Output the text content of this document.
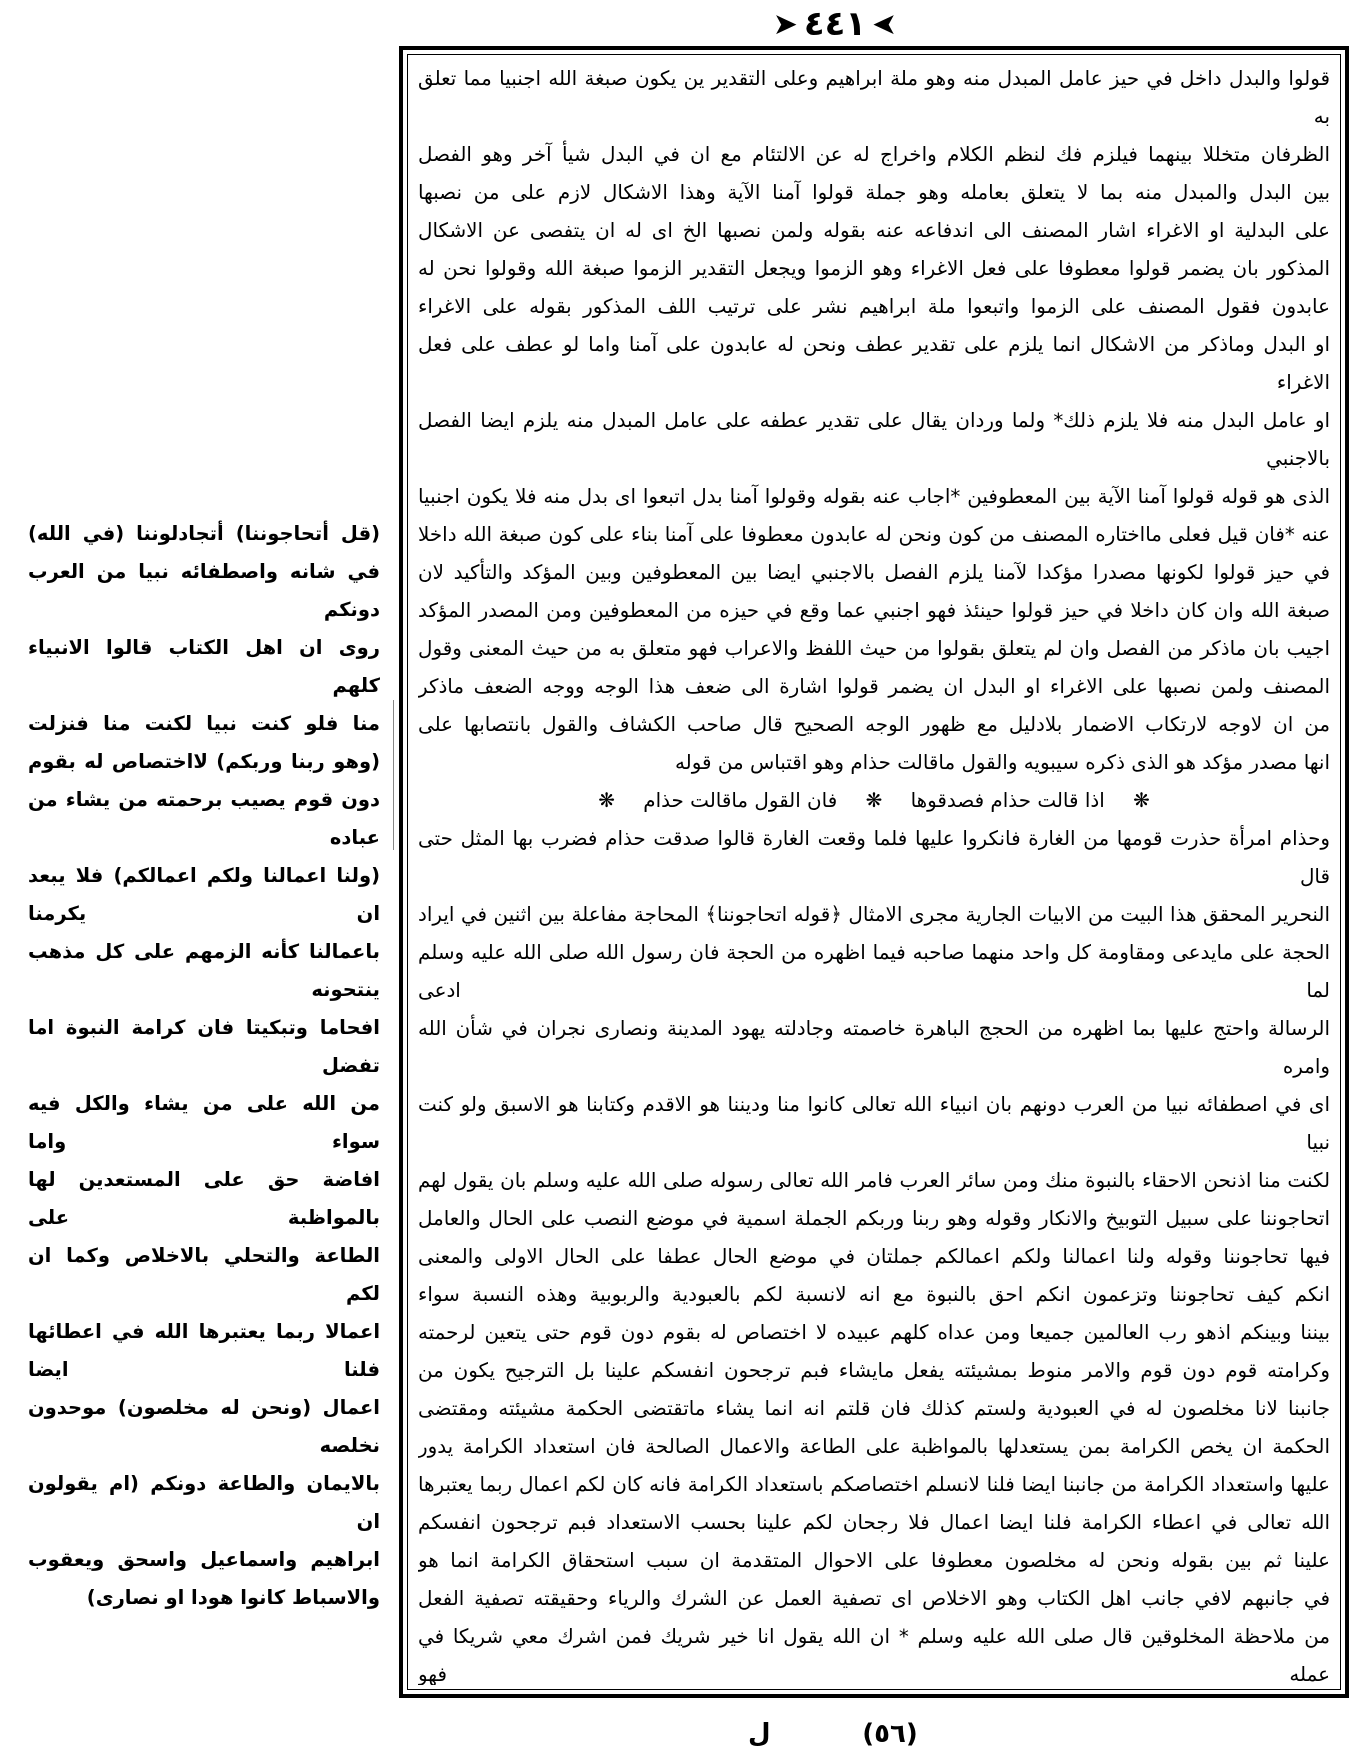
➤
٤٤١
➤

قولوا والبدل داخل في حيز عامل المبدل منه وهو ملة ابراهيم وعلى التقدير ين يكون صبغة الله اجنبيا مما تعلق به

الظرفان متخللا بينهما فيلزم فك لنظم الكلام واخراج له عن الالتئام مع ان في البدل شيأ آخر وهو الفصل

بين البدل والمبدل منه بما لا يتعلق بعامله وهو جملة قولوا آمنا الآية وهذا الاشكال لازم على من نصبها

على البدلية او الاغراء اشار المصنف الى اندفاعه عنه بقوله ولمن نصبها الخ اى له ان يتفصى عن الاشكال

المذكور بان يضمر قولوا معطوفا على فعل الاغراء وهو الزموا ويجعل التقدير الزموا صبغة الله وقولوا نحن له

عابدون فقول المصنف على الزموا واتبعوا ملة ابراهيم نشر على ترتيب اللف المذكور بقوله على الاغراء

او البدل وماذكر من الاشكال انما يلزم على تقدير عطف ونحن له عابدون على آمنا واما لو عطف على فعل الاغراء

او عامل البدل منه فلا يلزم ذلك* ولما وردان يقال على تقدير عطفه على عامل المبدل منه يلزم ايضا الفصل بالاجنبي

الذى هو قوله قولوا آمنا الآية بين المعطوفين *اجاب عنه بقوله وقولوا آمنا بدل اتبعوا اى بدل منه فلا يكون اجنبيا

عنه *فان قيل فعلى مااختاره المصنف من كون ونحن له عابدون معطوفا على آمنا بناء على كون صبغة الله داخلا

في حيز قولوا لكونها مصدرا مؤكدا لآمنا يلزم الفصل بالاجنبي ايضا بين المعطوفين وبين المؤكد والتأكيد لان

صبغة الله وان كان داخلا في حيز قولوا حينئذ فهو اجنبي عما وقع في حيزه من المعطوفين ومن المصدر المؤكد

اجيب بان ماذكر من الفصل وان لم يتعلق بقولوا من حيث اللفظ والاعراب فهو متعلق به من حيث المعنى وقول

المصنف ولمن نصبها على الاغراء او البدل ان يضمر قولوا اشارة الى ضعف هذا الوجه ووجه الضعف ماذكر

من ان لاوجه لارتكاب الاضمار بلادليل مع ظهور الوجه الصحيح قال صاحب الكشاف والقول بانتصابها على

انها مصدر مؤكد هو الذى ذكره سيبويه والقول ماقالت حذام وهو اقتباس من قوله

❋ اذا قالت حذام فصدقوها ❋ فان القول ماقالت حذام ❋

وحذام امرأة حذرت قومها من الغارة فانكروا عليها فلما وقعت الغارة قالوا صدقت حذام فضرب بها المثل حتى قال

النحرير المحقق هذا البيت من الابيات الجارية مجرى الامثال ﴿قوله اتحاجوننا﴾ المحاجة مفاعلة بين اثنين في ايراد

الحجة على مايدعى ومقاومة كل واحد منهما صاحبه فيما اظهره من الحجة فان رسول الله صلى الله عليه وسلم لما ادعى

الرسالة واحتج عليها بما اظهره من الحجج الباهرة خاصمته وجادلته يهود المدينة ونصارى نجران في شأن الله وامره

اى في اصطفائه نبيا من العرب دونهم بان انبياء الله تعالى كانوا منا وديننا هو الاقدم وكتابنا هو الاسبق ولو كنت نبيا

لكنت منا اذنحن الاحقاء بالنبوة منك ومن سائر العرب فامر الله تعالى رسوله صلى الله عليه وسلم بان يقول لهم

اتحاجوننا على سبيل التوبيخ والانكار وقوله وهو ربنا وربكم الجملة اسمية في موضع النصب على الحال والعامل

فيها تحاجوننا وقوله ولنا اعمالنا ولكم اعمالكم جملتان في موضع الحال عطفا على الحال الاولى والمعنى

انكم كيف تحاجوننا وتزعمون انكم احق بالنبوة مع انه لانسبة لكم بالعبودية والربوبية وهذه النسبة سواء

بيننا وبينكم اذهو رب العالمين جميعا ومن عداه كلهم عبيده لا اختصاص له بقوم دون قوم حتى يتعين لرحمته

وكرامته قوم دون قوم والامر منوط بمشيئته يفعل مايشاء فبم ترجحون انفسكم علينا بل الترجيح يكون من

جانبنا لانا مخلصون له في العبودية ولستم كذلك فان قلتم انه انما يشاء ماتقتضى الحكمة مشيئته ومقتضى

الحكمة ان يخص الكرامة بمن يستعدلها بالمواظبة على الطاعة والاعمال الصالحة فان استعداد الكرامة يدور

عليها واستعداد الكرامة من جانبنا ايضا فلنا لانسلم اختصاصكم باستعداد الكرامة فانه كان لكم اعمال ربما يعتبرها

الله تعالى في اعطاء الكرامة فلنا ايضا اعمال فلا رجحان لكم علينا بحسب الاستعداد فبم ترجحون انفسكم

علينا ثم بين بقوله ونحن له مخلصون معطوفا على الاحوال المتقدمة ان سبب استحقاق الكرامة انما هو

في جانبهم لافي جانب اهل الكتاب وهو الاخلاص اى تصفية العمل عن الشرك والرياء وحقيقته تصفية الفعل

من ملاحظة المخلوقين قال صلى الله عليه وسلم * ان الله يقول انا خير شريك فمن اشرك معي شريكا في عمله فهو

(قل أتحاجوننا) أتجادلوننا (في الله)

في شانه واصطفائه نبيا من العرب دونكم

روى ان اهل الكتاب قالوا الانبياء كلهم

منا فلو كنت نبيا لكنت منا فنزلت

(وهو ربنا وربكم) لااختصاص له بقوم

دون قوم يصيب برحمته من يشاء من عباده

(ولنا اعمالنا ولكم اعمالكم) فلا يبعد ان يكرمنا

باعمالنا كأنه الزمهم على كل مذهب ينتحونه

افحاما وتبكيتا فان كرامة النبوة اما تفضل

من الله على من يشاء والكل فيه سواء واما

افاضة حق على المستعدين لها بالمواظبة على

الطاعة والتحلي بالاخلاص وكما ان لكم

اعمالا ربما يعتبرها الله في اعطائها فلنا ايضا

اعمال (ونحن له مخلصون) موحدون نخلصه

بالايمان والطاعة دونكم (ام يقولون ان

ابراهيم واسماعيل واسحق ويعقوب

والاسباط كانوا هودا او نصارى)

(٥٦)
ل
